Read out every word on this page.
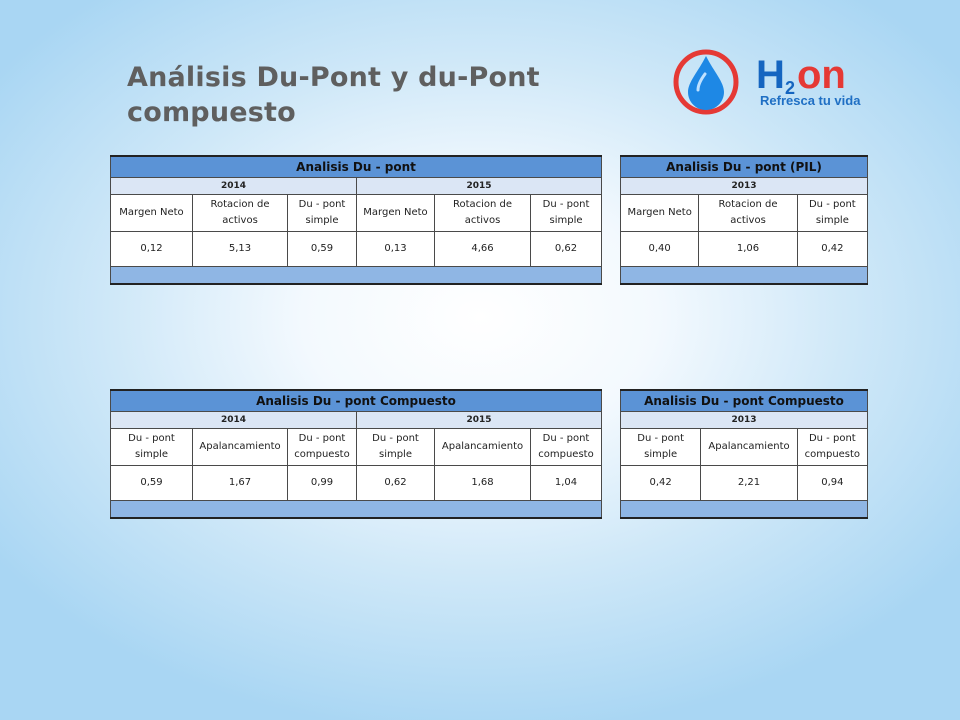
Análisis Du-Pont y du-Pont compuesto
H 2 on
Refresca tu vida
Analisis Du - pont					
2014			2015		
Margen Neto	Rotacion de activos	Du - pont simple	Margen Neto	Rotacion de activos	Du - pont simple
0,12	5,13	0,59	0,13	4,66	0,62

Analisis Du - pont (PIL)		
2013		
Margen Neto	Rotacion de activos	Du - pont simple
0,40	1,06	0,42

Analisis Du - pont Compuesto					
2014			2015		
Du - pont simple	Apalancamiento	Du - pont compuesto	Du - pont simple	Apalancamiento	Du - pont compuesto
0,59	1,67	0,99	0,62	1,68	1,04

Analisis Du - pont Compuesto		
2013		
Du - pont simple	Apalancamiento	Du - pont compuesto
0,42	2,21	0,94
